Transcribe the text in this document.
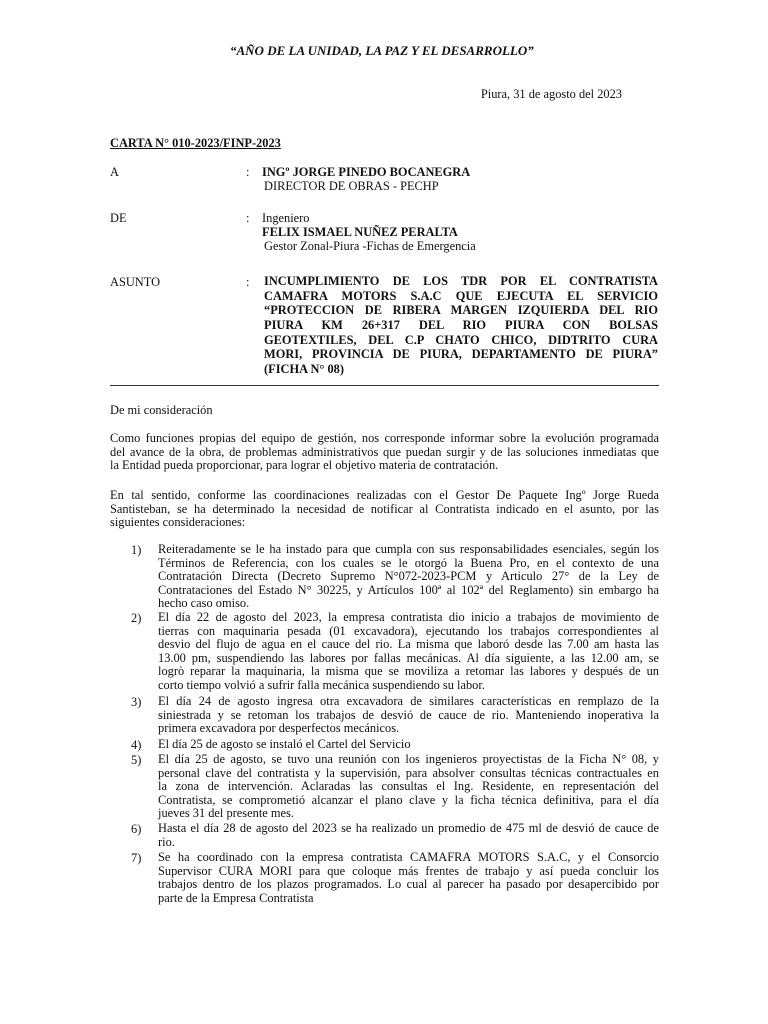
“AÑO DE LA UNIDAD, LA PAZ Y EL DESARROLLO”
Piura, 31 de agosto del 2023
CARTA N° 010-2023/FINP-2023
A	: INGº JORGE PINEDO BOCANEGRA
DIRECTOR DE OBRAS - PECHP
DE	: Ingeniero
FELIX ISMAEL NUÑEZ PERALTA
Gestor Zonal-Piura -Fichas de Emergencia
ASUNTO	: INCUMPLIMIENTO DE LOS TDR POR EL CONTRATISTA
CAMAFRA MOTORS S.A.C QUE EJECUTA EL SERVICIO
“PROTECCION DE RIBERA MARGEN IZQUIERDA DEL RIO
PIURA KM 26+317 DEL RIO PIURA CON BOLSAS
GEOTEXTILES, DEL C.P CHATO CHICO, DIDTRITO CURA
MORI, PROVINCIA DE PIURA, DEPARTAMENTO DE PIURA”
(FICHA N° 08)
De mi consideración
Como funciones propias del equipo de gestión, nos corresponde informar sobre la evolución programada
del avance de la obra, de problemas administrativos que puedan surgir y de las soluciones inmediatas que
la Entidad pueda proporcionar, para lograr el objetivo materia de contratación.
En tal sentido, conforme las coordinaciones realizadas con el Gestor De Paquete Ingº Jorge Rueda
Santisteban, se ha determinado la necesidad de notificar al Contratista indicado en el asunto, por las
siguientes consideraciones:
1) Reiteradamente se le ha instado para que cumpla con sus responsabilidades esenciales, según los
Términos de Referencia, con los cuales se le otorgó la Buena Pro, en el contexto de una
Contratación Directa (Decreto Supremo N°072-2023-PCM y Articulo 27° de la Ley de
Contrataciones del Estado N° 30225, y Artículos 100ª al 102ª del Reglamento) sin embargo ha
hecho caso omiso.
2) El día 22 de agosto del 2023, la empresa contratista dio inicio a trabajos de movimiento de
tierras con maquinaria pesada (01 excavadora), ejecutando los trabajos correspondientes al
desvio del flujo de agua en el cauce del rio. La misma que laboró desde las 7.00 am hasta las
13.00 pm, suspendiendo las labores por fallas mecánicas. Al día siguiente, a las 12.00 am, se
logrò reparar la maquinaria, la misma que se moviliza a retomar las labores y después de un
corto tiempo volvió a sufrir falla mecánica suspendiendo su labor.
3) El día 24 de agosto ingresa otra excavadora de similares características en remplazo de la
siniestrada y se retoman los trabajos de desvió de cauce de rio. Manteniendo inoperativa la
primera excavadora por desperfectos mecánicos.
4) El día 25 de agosto se instaló el Cartel del Servicio
5) El día 25 de agosto, se tuvo una reunión con los ingenieros proyectistas de la Ficha N° 08, y
personal clave del contratista y la supervisión, para absolver consultas técnicas contractuales en
la zona de intervención. Aclaradas las consultas el Ing. Residente, en representación del
Contratista, se comprometió alcanzar el plano clave y la ficha técnica definitiva, para el día
jueves 31 del presente mes.
6) Hasta el día 28 de agosto del 2023 se ha realizado un promedio de 475 ml de desvió de cauce de
rio.
7) Se ha coordinado con la empresa contratista CAMAFRA MOTORS S.A.C, y el Consorcio
Supervisor CURA MORI para que coloque más frentes de trabajo y así pueda concluir los
trabajos dentro de los plazos programados. Lo cual al parecer ha pasado por desapercibido por
parte de la Empresa Contratista
